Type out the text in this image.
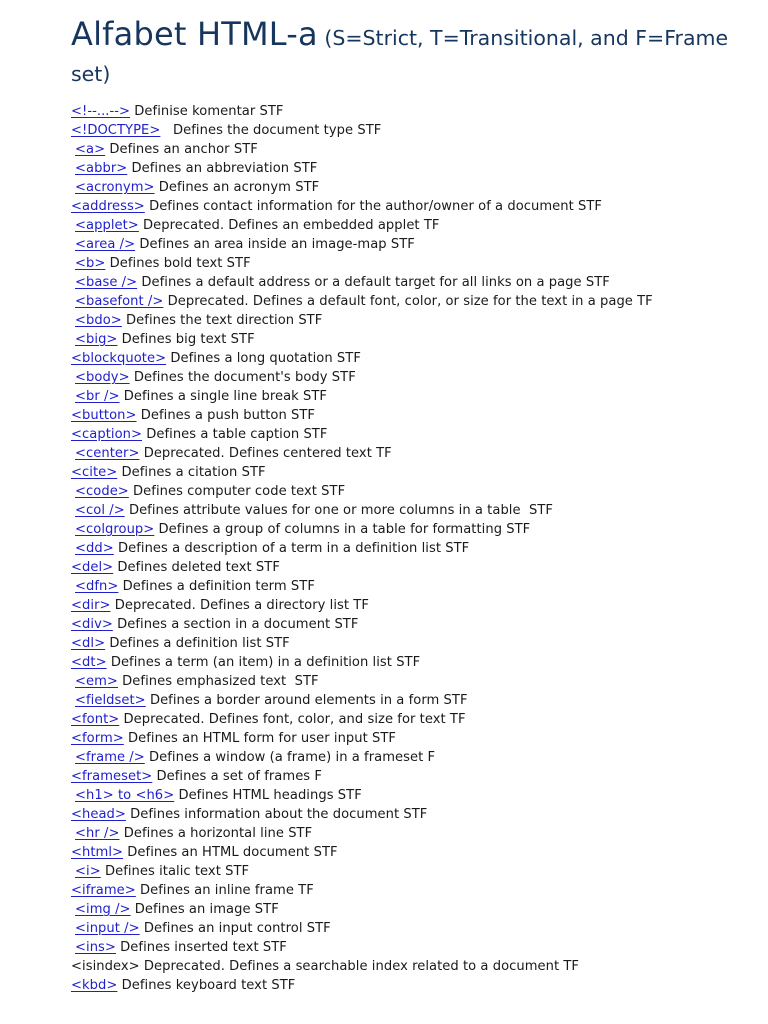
Alfabet HTML-a (S=Strict, T=Transitional, and F=Frame set)
<!--...--> Definise komentar STF
<!DOCTYPE>   Defines the document type STF
<a> Defines an anchor STF
<abbr> Defines an abbreviation STF
<acronym> Defines an acronym STF
<address> Defines contact information for the author/owner of a document STF
<applet> Deprecated. Defines an embedded applet TF
<area /> Defines an area inside an image-map STF
<b> Defines bold text STF
<base /> Defines a default address or a default target for all links on a page STF
<basefont /> Deprecated. Defines a default font, color, or size for the text in a page TF
<bdo> Defines the text direction STF
<big> Defines big text STF
<blockquote> Defines a long quotation STF
<body> Defines the document's body STF
<br /> Defines a single line break STF
<button> Defines a push button STF
<caption> Defines a table caption STF
<center> Deprecated. Defines centered text TF
<cite> Defines a citation STF
<code> Defines computer code text STF
<col /> Defines attribute values for one or more columns in a table  STF
<colgroup> Defines a group of columns in a table for formatting STF
<dd> Defines a description of a term in a definition list STF
<del> Defines deleted text STF
<dfn> Defines a definition term STF
<dir> Deprecated. Defines a directory list TF
<div> Defines a section in a document STF
<dl> Defines a definition list STF
<dt> Defines a term (an item) in a definition list STF
<em> Defines emphasized text  STF
<fieldset> Defines a border around elements in a form STF
<font> Deprecated. Defines font, color, and size for text TF
<form> Defines an HTML form for user input STF
<frame /> Defines a window (a frame) in a frameset F
<frameset> Defines a set of frames F
<h1> to <h6> Defines HTML headings STF
<head> Defines information about the document STF
<hr /> Defines a horizontal line STF
<html> Defines an HTML document STF
<i> Defines italic text STF
<iframe> Defines an inline frame TF
<img /> Defines an image STF
<input /> Defines an input control STF
<ins> Defines inserted text STF
<isindex> Deprecated. Defines a searchable index related to a document TF
<kbd> Defines keyboard text STF
